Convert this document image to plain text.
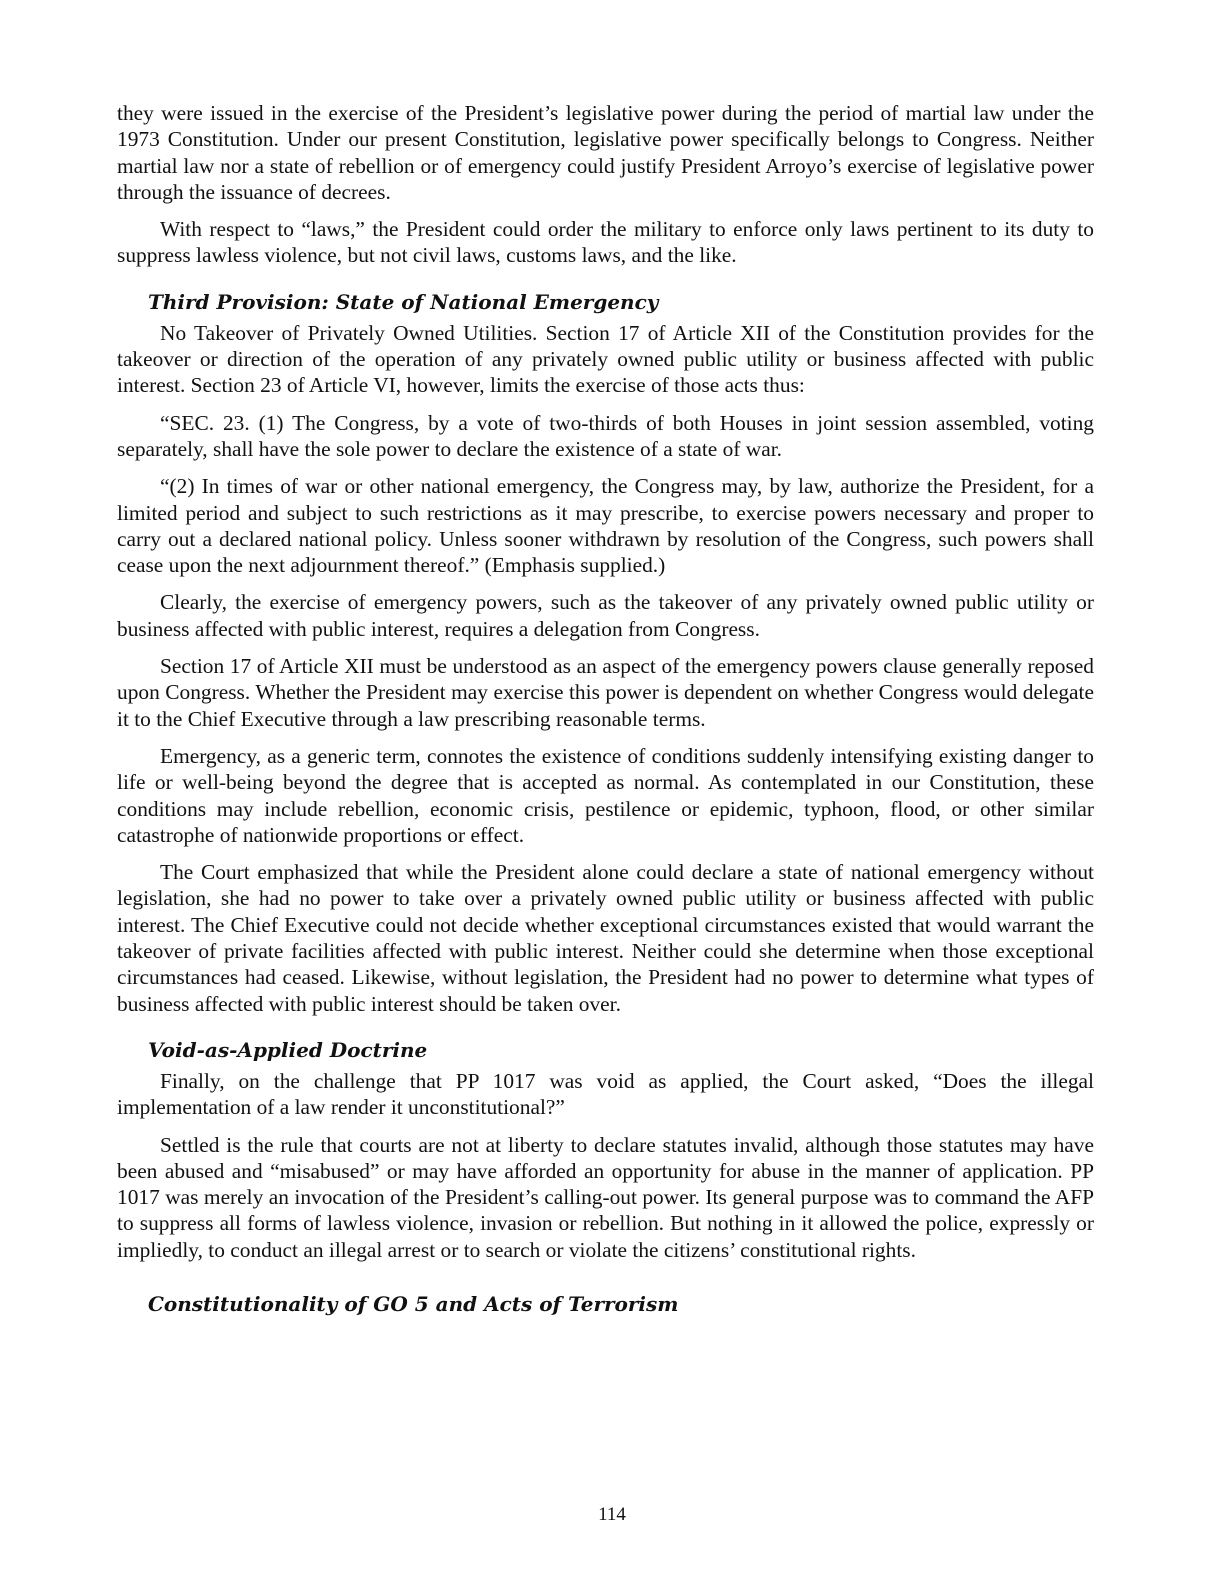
they were issued in the exercise of the President’s legislative power during the period of martial law under the 1973 Constitution. Under our present Constitution, legislative power specifically belongs to Congress. Neither martial law nor a state of rebellion or of emergency could justify President Arroyo’s exercise of legislative power through the issuance of decrees.

With respect to “laws,” the President could order the military to enforce only laws pertinent to its duty to suppress lawless violence, but not civil laws, customs laws, and the like.

Third Provision: State of National Emergency

No Takeover of Privately Owned Utilities. Section 17 of Article XII of the Constitution provides for the takeover or direction of the operation of any privately owned public utility or business affected with public interest. Section 23 of Article VI, however, limits the exercise of those acts thus:

“SEC. 23. (1) The Congress, by a vote of two-thirds of both Houses in joint session assembled, voting separately, shall have the sole power to declare the existence of a state of war.

“(2) In times of war or other national emergency, the Congress may, by law, authorize the President, for a limited period and subject to such restrictions as it may prescribe, to exercise powers necessary and proper to carry out a declared national policy. Unless sooner withdrawn by resolution of the Congress, such powers shall cease upon the next adjournment thereof.” (Emphasis supplied.)

Clearly, the exercise of emergency powers, such as the takeover of any privately owned public utility or business affected with public interest, requires a delegation from Congress.

Section 17 of Article XII must be understood as an aspect of the emergency powers clause generally reposed upon Congress. Whether the President may exercise this power is dependent on whether Congress would delegate it to the Chief Executive through a law prescribing reasonable terms.

Emergency, as a generic term, connotes the existence of conditions suddenly intensifying existing danger to life or well-being beyond the degree that is accepted as normal. As contemplated in our Constitution, these conditions may include rebellion, economic crisis, pestilence or epidemic, typhoon, flood, or other similar catastrophe of nationwide proportions or effect.

The Court emphasized that while the President alone could declare a state of national emergency without legislation, she had no power to take over a privately owned public utility or business affected with public interest. The Chief Executive could not decide whether exceptional circumstances existed that would warrant the takeover of private facilities affected with public interest. Neither could she determine when those exceptional circumstances had ceased. Likewise, without legislation, the President had no power to determine what types of business affected with public interest should be taken over.

Void-as-Applied Doctrine

Finally, on the challenge that PP 1017 was void as applied, the Court asked, “Does the illegal implementation of a law render it unconstitutional?”

Settled is the rule that courts are not at liberty to declare statutes invalid, although those statutes may have been abused and “misabused” or may have afforded an opportunity for abuse in the manner of application. PP 1017 was merely an invocation of the President’s calling-out power. Its general purpose was to command the AFP to suppress all forms of lawless violence, invasion or rebellion. But nothing in it allowed the police, expressly or impliedly, to conduct an illegal arrest or to search or violate the citizens’ constitutional rights.

Constitutionality of GO 5 and Acts of Terrorism
114
